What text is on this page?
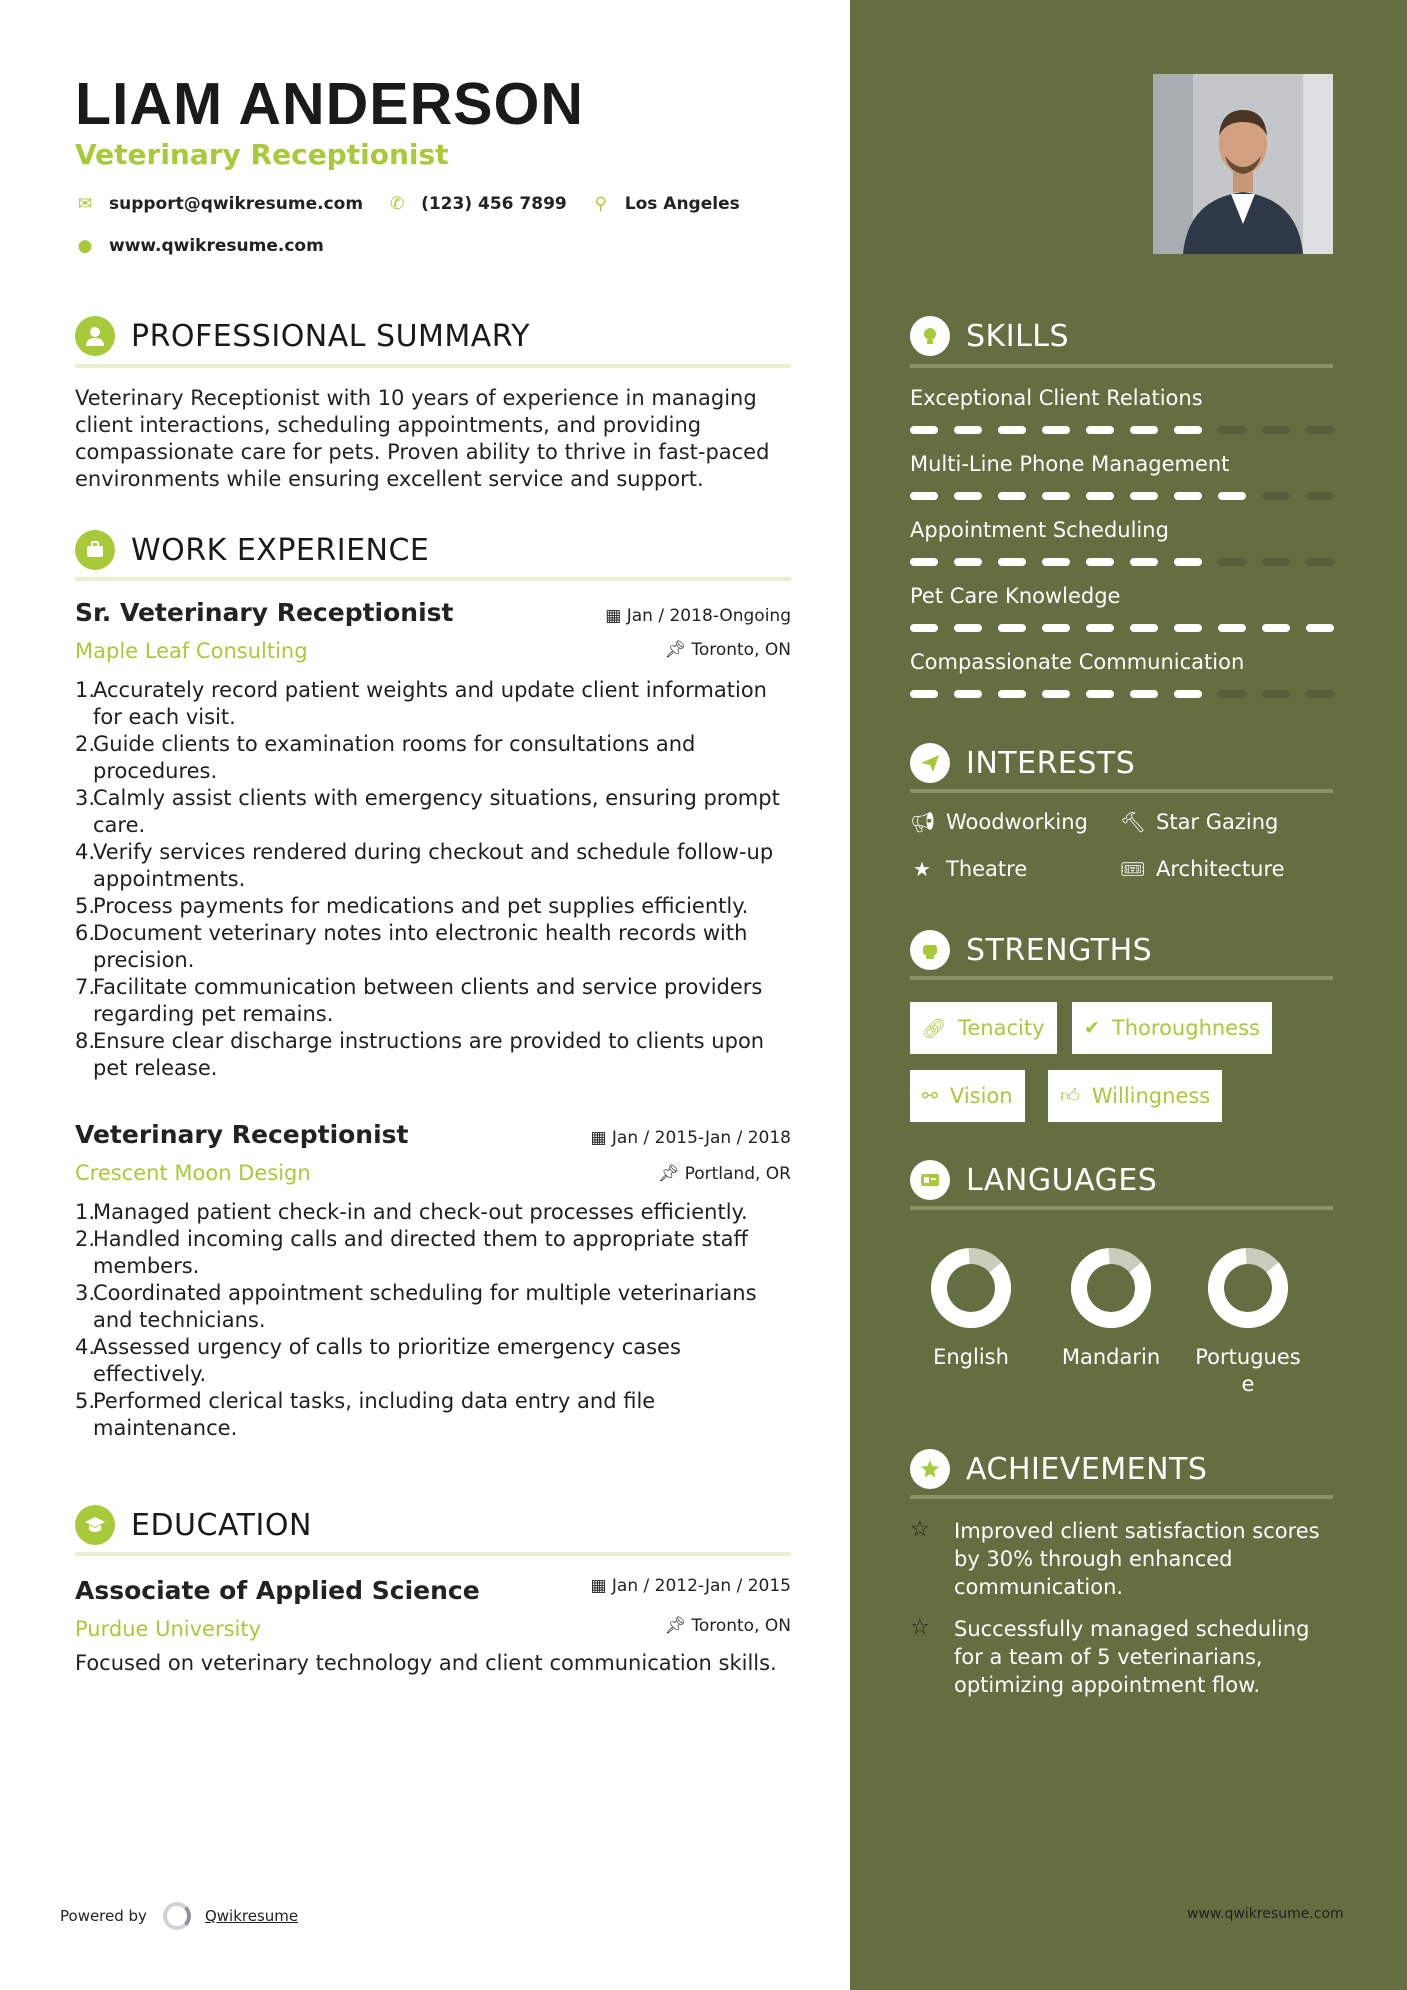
LIAM ANDERSON
Veterinary Receptionist
✉ support@qwikresume.com ✆ (123) 456 7899 ⚲ Los Angeles
● www.qwikresume.com
PROFESSIONAL SUMMARY
Veterinary Receptionist with 10 years of experience in managing
client interactions, scheduling appointments, and providing
compassionate care for pets. Proven ability to thrive in fast-paced
environments while ensuring excellent service and support.
WORK EXPERIENCE
Sr. Veterinary Receptionist	▦ Jan / 2018-Ongoing
Maple Leaf Consulting	📌︎ Toronto, ON
1.
Accurately record patient weights and update client information
for each visit.
2.
Guide clients to examination rooms for consultations and
procedures.
3.
Calmly assist clients with emergency situations, ensuring prompt
care.
4.
Verify services rendered during checkout and schedule follow-up
appointments.
5.
Process payments for medications and pet supplies efficiently.
6.
Document veterinary notes into electronic health records with
precision.
7.
Facilitate communication between clients and service providers
regarding pet remains.
8.
Ensure clear discharge instructions are provided to clients upon
pet release.
Veterinary Receptionist	▦ Jan / 2015-Jan / 2018
Crescent Moon Design	📌︎ Portland, OR
1.
Managed patient check-in and check-out processes efficiently.
2.
Handled incoming calls and directed them to appropriate staff
members.
3.
Coordinated appointment scheduling for multiple veterinarians
and technicians.
4.
Assessed urgency of calls to prioritize emergency cases
effectively.
5.
Performed clerical tasks, including data entry and file
maintenance.
EDUCATION
Associate of Applied Science	▦ Jan / 2012-Jan / 2015
Purdue University	📌︎ Toronto, ON
Focused on veterinary technology and client communication skills.
Powered by	Qwikresume	www.qwikresume.com
SKILLS
Exceptional Client Relations
Multi-Line Phone Management
Appointment Scheduling
Pet Care Knowledge
Compassionate Communication
INTERESTS
📢︎ Woodworking 🔨︎ Star Gazing
★ Theatre	🎟︎ Architecture
STRENGTHS
🔗︎ Tenacity ✔ Thoroughness
⚯ Vision 👍︎ Willingness
LANGUAGES
English	Mandarin	Portuguese
ACHIEVEMENTS
☆	Improved client satisfaction scores
by 30% through enhanced
communication.
☆	Successfully managed scheduling
for a team of 5 veterinarians,
optimizing appointment flow.
